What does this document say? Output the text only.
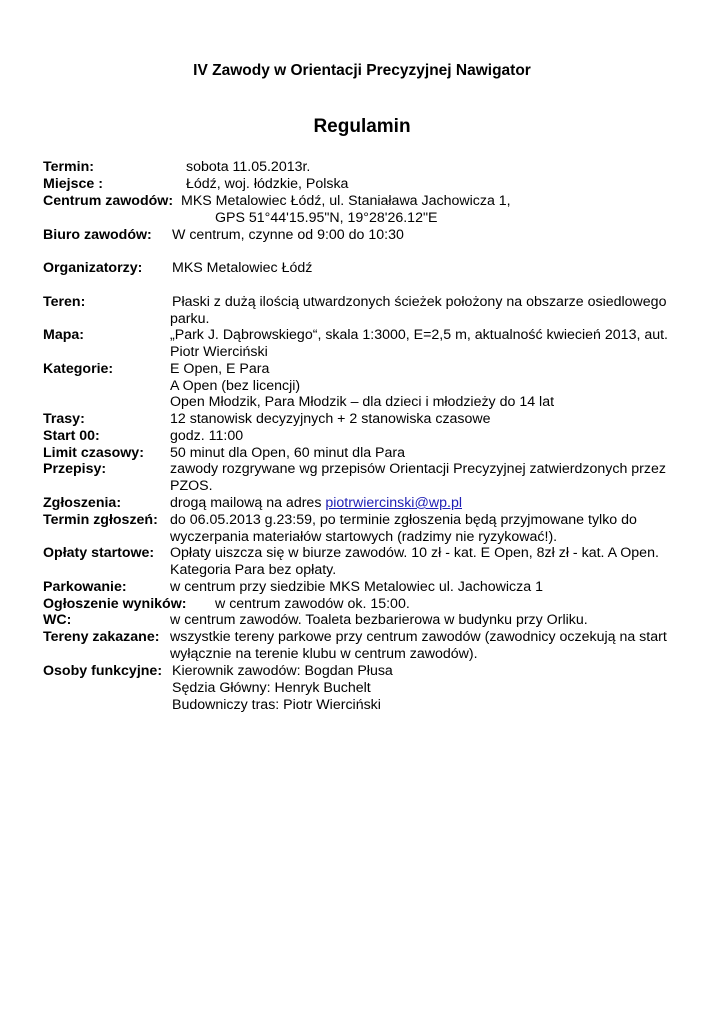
IV Zawody w Orientacji Precyzyjnej Nawigator
Regulamin
Termin:	sobota 11.05.2013r.
Miejsce :	Łódź, woj. łódzkie, Polska
Centrum zawodów: MKS Metalowiec Łódź, ul. Staniaława Jachowicza 1,
GPS 51°44'15.95"N, 19°28'26.12"E
Biuro zawodów: W centrum, czynne od 9:00 do 10:30
Organizatorzy: MKS Metalowiec Łódź
Teren:	Płaski z dużą ilością utwardzonych ścieżek położony na obszarze osiedlowego
parku.
Mapa:	„Park J. Dąbrowskiego“, skala 1:3000, E=2,5 m, aktualność kwiecień 2013, aut.
Piotr Wierciński
Kategorie:	E Open, E Para
A Open (bez licencji)
Open Młodzik, Para Młodzik – dla dzieci i młodzieży do 14 lat
Trasy:	12 stanowisk decyzyjnych + 2 stanowiska czasowe
Start 00:	godz. 11:00
Limit czasowy: 50 minut dla Open, 60 minut dla Para
Przepisy:	zawody rozgrywane wg przepisów Orientacji Precyzyjnej zatwierdzonych przez
PZOS.
Zgłoszenia:	drogą mailową na adres piotrwiercinski@wp.pl
Termin zgłoszeń: do 06.05.2013 g.23:59, po terminie zgłoszenia będą przyjmowane tylko do
wyczerpania materiałów startowych (radzimy nie ryzykować!).
Opłaty startowe: Opłaty uiszcza się w biurze zawodów. 10 zł - kat. E Open, 8zł zł - kat. A Open.
Kategoria Para bez opłaty.
Parkowanie:	w centrum przy siedzibie MKS Metalowiec ul. Jachowicza 1
Ogłoszenie wyników: w centrum zawodów ok. 15:00.
WC:	w centrum zawodów. Toaleta bezbarierowa w budynku przy Orliku.
Tereny zakazane: wszystkie tereny parkowe przy centrum zawodów (zawodnicy oczekują na start
wyłącznie na terenie klubu w centrum zawodów).
Osoby funkcyjne: Kierownik zawodów: Bogdan Płusa
Sędzia Główny: Henryk Buchelt
Budowniczy tras: Piotr Wierciński
